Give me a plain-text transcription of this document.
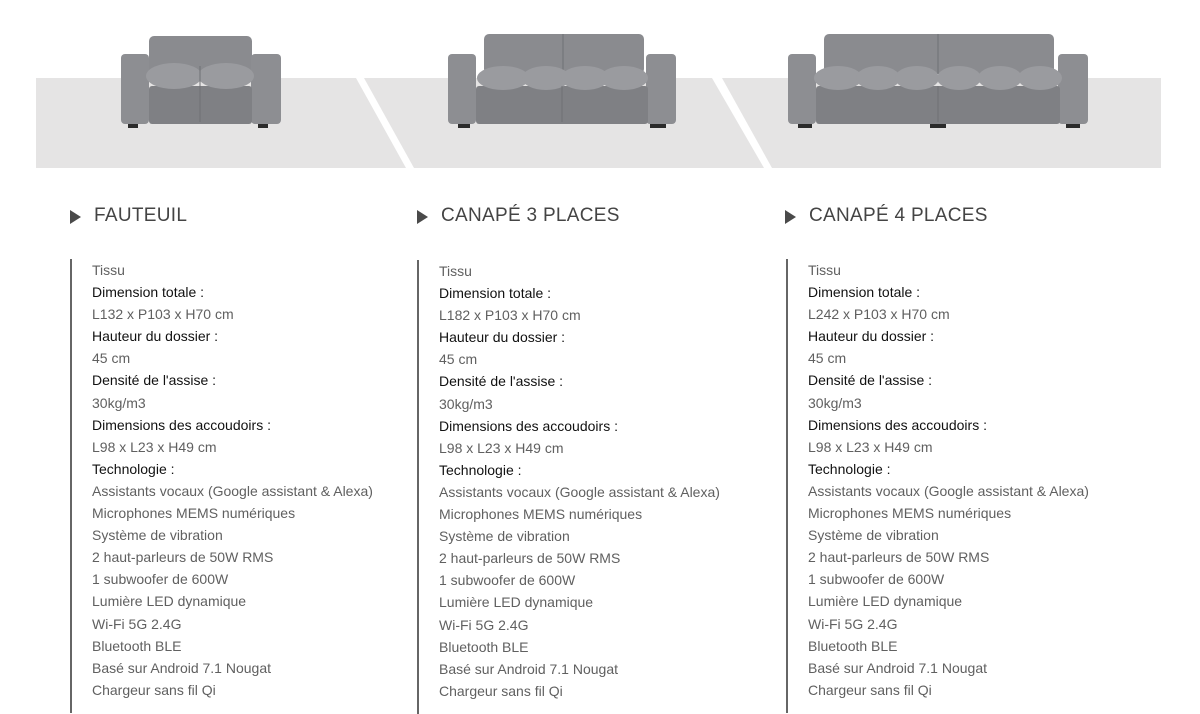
FAUTEUIL
Tissu
Dimension totale :
L132 x P103 x H70 cm
Hauteur du dossier :
45 cm
Densité de l'assise :
30kg/m3
Dimensions des accoudoirs :
L98 x L23 x H49 cm
Technologie :
Assistants vocaux (Google assistant & Alexa)
Microphones MEMS numériques
Système de vibration
2 haut-parleurs de 50W RMS
1 subwoofer de 600W
Lumière LED dynamique
Wi-Fi 5G 2.4G
Bluetooth BLE
Basé sur Android 7.1 Nougat
Chargeur sans fil Qi
CANAPÉ 3 PLACES
Tissu
Dimension totale :
L182 x P103 x H70 cm
Hauteur du dossier :
45 cm
Densité de l'assise :
30kg/m3
Dimensions des accoudoirs :
L98 x L23 x H49 cm
Technologie :
Assistants vocaux (Google assistant & Alexa)
Microphones MEMS numériques
Système de vibration
2 haut-parleurs de 50W RMS
1 subwoofer de 600W
Lumière LED dynamique
Wi-Fi 5G 2.4G
Bluetooth BLE
Basé sur Android 7.1 Nougat
Chargeur sans fil Qi
CANAPÉ 4 PLACES
Tissu
Dimension totale :
L242 x P103 x H70 cm
Hauteur du dossier :
45 cm
Densité de l'assise :
30kg/m3
Dimensions des accoudoirs :
L98 x L23 x H49 cm
Technologie :
Assistants vocaux (Google assistant & Alexa)
Microphones MEMS numériques
Système de vibration
2 haut-parleurs de 50W RMS
1 subwoofer de 600W
Lumière LED dynamique
Wi-Fi 5G 2.4G
Bluetooth BLE
Basé sur Android 7.1 Nougat
Chargeur sans fil Qi
